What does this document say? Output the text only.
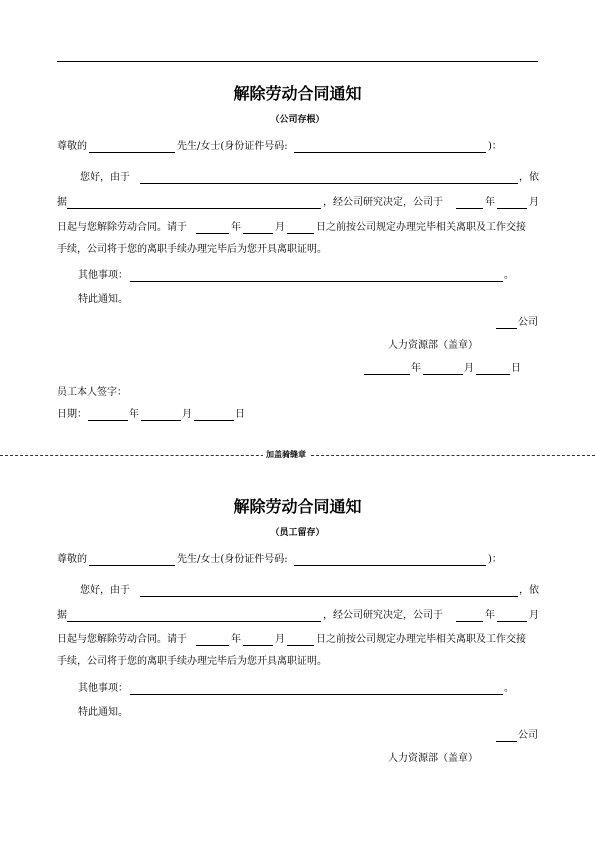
解除劳动合同通知
（公司存根）
尊敬的	先生/女士(身份证件号码:	)：
您好，由于	，依
据	，经公司研究决定，公司于	年	月
日起与您解除劳动合同。请于	年	月	日之前按公司规定办理完毕相关离职及工作交接
手续，公司将于您的离职手续办理完毕后为您开具离职证明。
其他事项：	。
特此通知。
公司
人力资源部（盖章）
年	月	日
员工本人签字：
日期：	年	月	日
加盖骑缝章
解除劳动合同通知
（员工留存）
尊敬的	先生/女士(身份证件号码:	)：
您好，由于	，依
据	，经公司研究决定，公司于	年	月
日起与您解除劳动合同。请于	年	月	日之前按公司规定办理完毕相关离职及工作交接
手续，公司将于您的离职手续办理完毕后为您开具离职证明。
其他事项：	。
特此通知。
公司
人力资源部（盖章）
